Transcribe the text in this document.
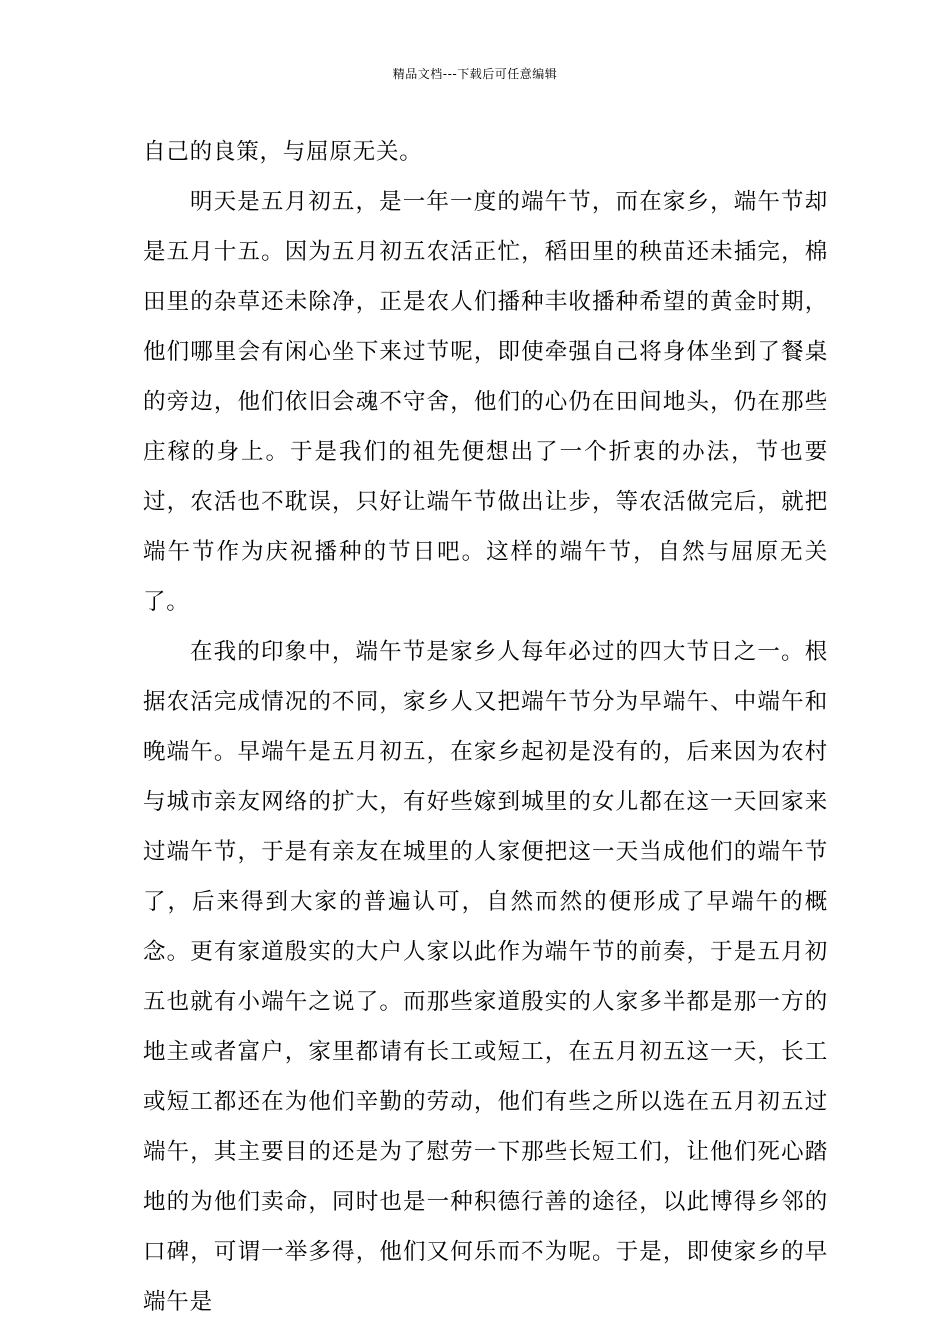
精品文档---下载后可任意编辑

自己的良策，与屈原无关。

明天是五月初五，是一年一度的端午节，而在家乡，端午节却是五月十五。因为五月初五农活正忙，稻田里的秧苗还未插完，棉田里的杂草还未除净，正是农人们播种丰收播种希望的黄金时期，他们哪里会有闲心坐下来过节呢，即使牵强自己将身体坐到了餐桌的旁边，他们依旧会魂不守舍，他们的心仍在田间地头，仍在那些庄稼的身上。于是我们的祖先便想出了一个折衷的办法，节也要过，农活也不耽误，只好让端午节做出让步，等农活做完后，就把端午节作为庆祝播种的节日吧。这样的端午节，自然与屈原无关了。

在我的印象中，端午节是家乡人每年必过的四大节日之一。根据农活完成情况的不同，家乡人又把端午节分为早端午、中端午和晚端午。早端午是五月初五，在家乡起初是没有的，后来因为农村与城市亲友网络的扩大，有好些嫁到城里的女儿都在这一天回家来过端午节，于是有亲友在城里的人家便把这一天当成他们的端午节了，后来得到大家的普遍认可，自然而然的便形成了早端午的概念。更有家道殷实的大户人家以此作为端午节的前奏，于是五月初五也就有小端午之说了。而那些家道殷实的人家多半都是那一方的地主或者富户，家里都请有长工或短工，在五月初五这一天，长工或短工都还在为他们辛勤的劳动，他们有些之所以选在五月初五过端午，其主要目的还是为了慰劳一下那些长短工们，让他们死心踏地的为他们卖命，同时也是一种积德行善的途径，以此博得乡邻的口碑，可谓一举多得，他们又何乐而不为呢。于是，即使家乡的早端午是
